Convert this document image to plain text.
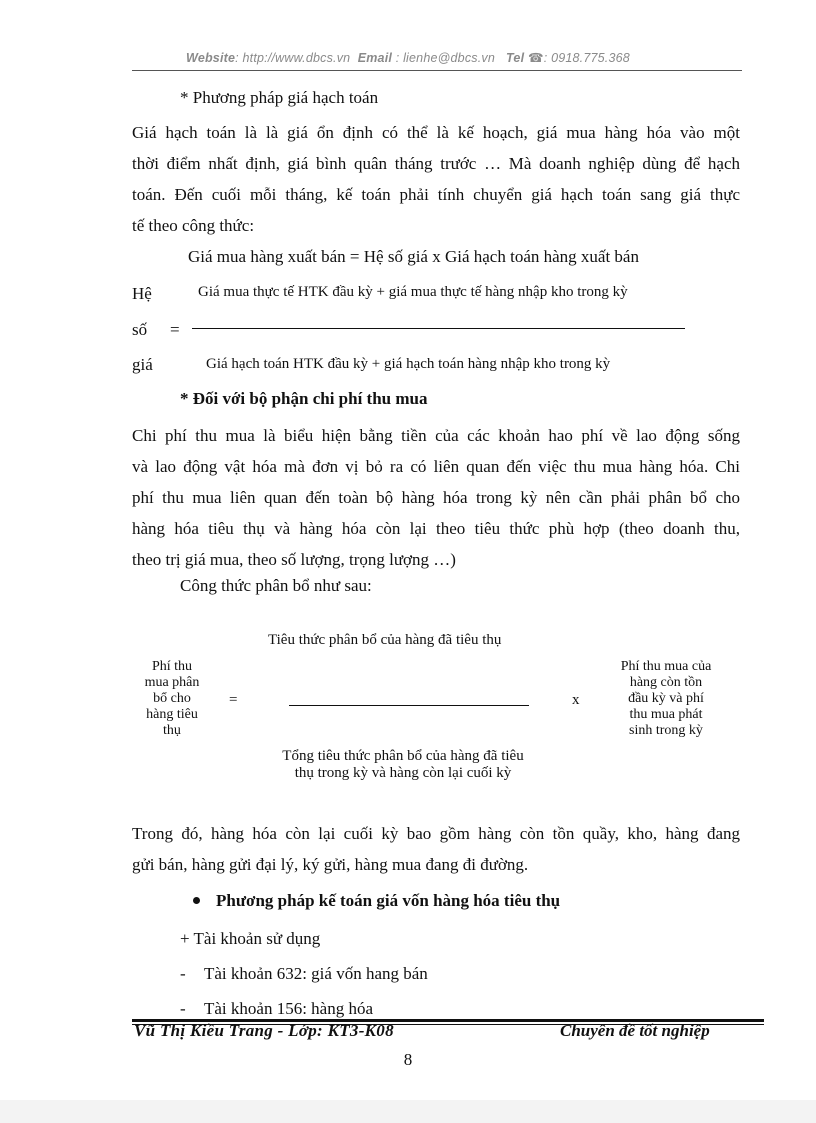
Website: http://www.dbcs.vn Email : lienhe@dbcs.vn Tel ☎: 0918.775.368
* Phương pháp giá hạch toán
Giá hạch toán là là giá ổn định có thể là kế hoạch, giá mua hàng hóa vào một
thời điểm nhất định, giá bình quân tháng trước … Mà doanh nghiệp dùng để hạch
toán. Đến cuối mỗi tháng, kế toán phải tính chuyển giá hạch toán sang giá thực
tế theo công thức:
Giá mua hàng xuất bán = Hệ số giá x Giá hạch toán hàng xuất bán
Hệ
số
giá
=
Giá mua thực tế HTK đầu kỳ + giá mua thực tế hàng nhập kho trong kỳ
Giá hạch toán HTK đầu kỳ + giá hạch toán hàng nhập kho trong kỳ
* Đối với bộ phận chi phí thu mua
Chi phí thu mua là biểu hiện bằng tiền của các khoản hao phí về lao động sống
và lao động vật hóa mà đơn vị bỏ ra có liên quan đến việc thu mua hàng hóa. Chi
phí thu mua liên quan đến toàn bộ hàng hóa trong kỳ nên cần phải phân bổ cho
hàng hóa tiêu thụ và hàng hóa còn lại theo tiêu thức phù hợp (theo doanh thu,
theo trị giá mua, theo số lượng, trọng lượng …)
Công thức phân bổ như sau:
Phí thu
mua phân
bổ cho
hàng tiêu
thụ
=
Tiêu thức phân bổ của hàng đã tiêu thụ
Tổng tiêu thức phân bổ của hàng đã tiêu
thụ trong kỳ và hàng còn lại cuối kỳ
x
Phí thu mua của
hàng còn tồn
đầu kỳ và phí
thu mua phát
sinh trong kỳ
Trong đó, hàng hóa còn lại cuối kỳ bao gồm hàng còn tồn quầy, kho, hàng đang
gửi bán, hàng gửi đại lý, ký gửi, hàng mua đang đi đường.
Phương pháp kế toán giá vốn hàng hóa tiêu thụ
+ Tài khoản sử dụng
- Tài khoản 632: giá vốn hang bán
- Tài khoản 156: hàng hóa
Vũ Thị Kiều Trang - Lớp: KT3-K08	Chuyên đề tốt nghiệp
8
